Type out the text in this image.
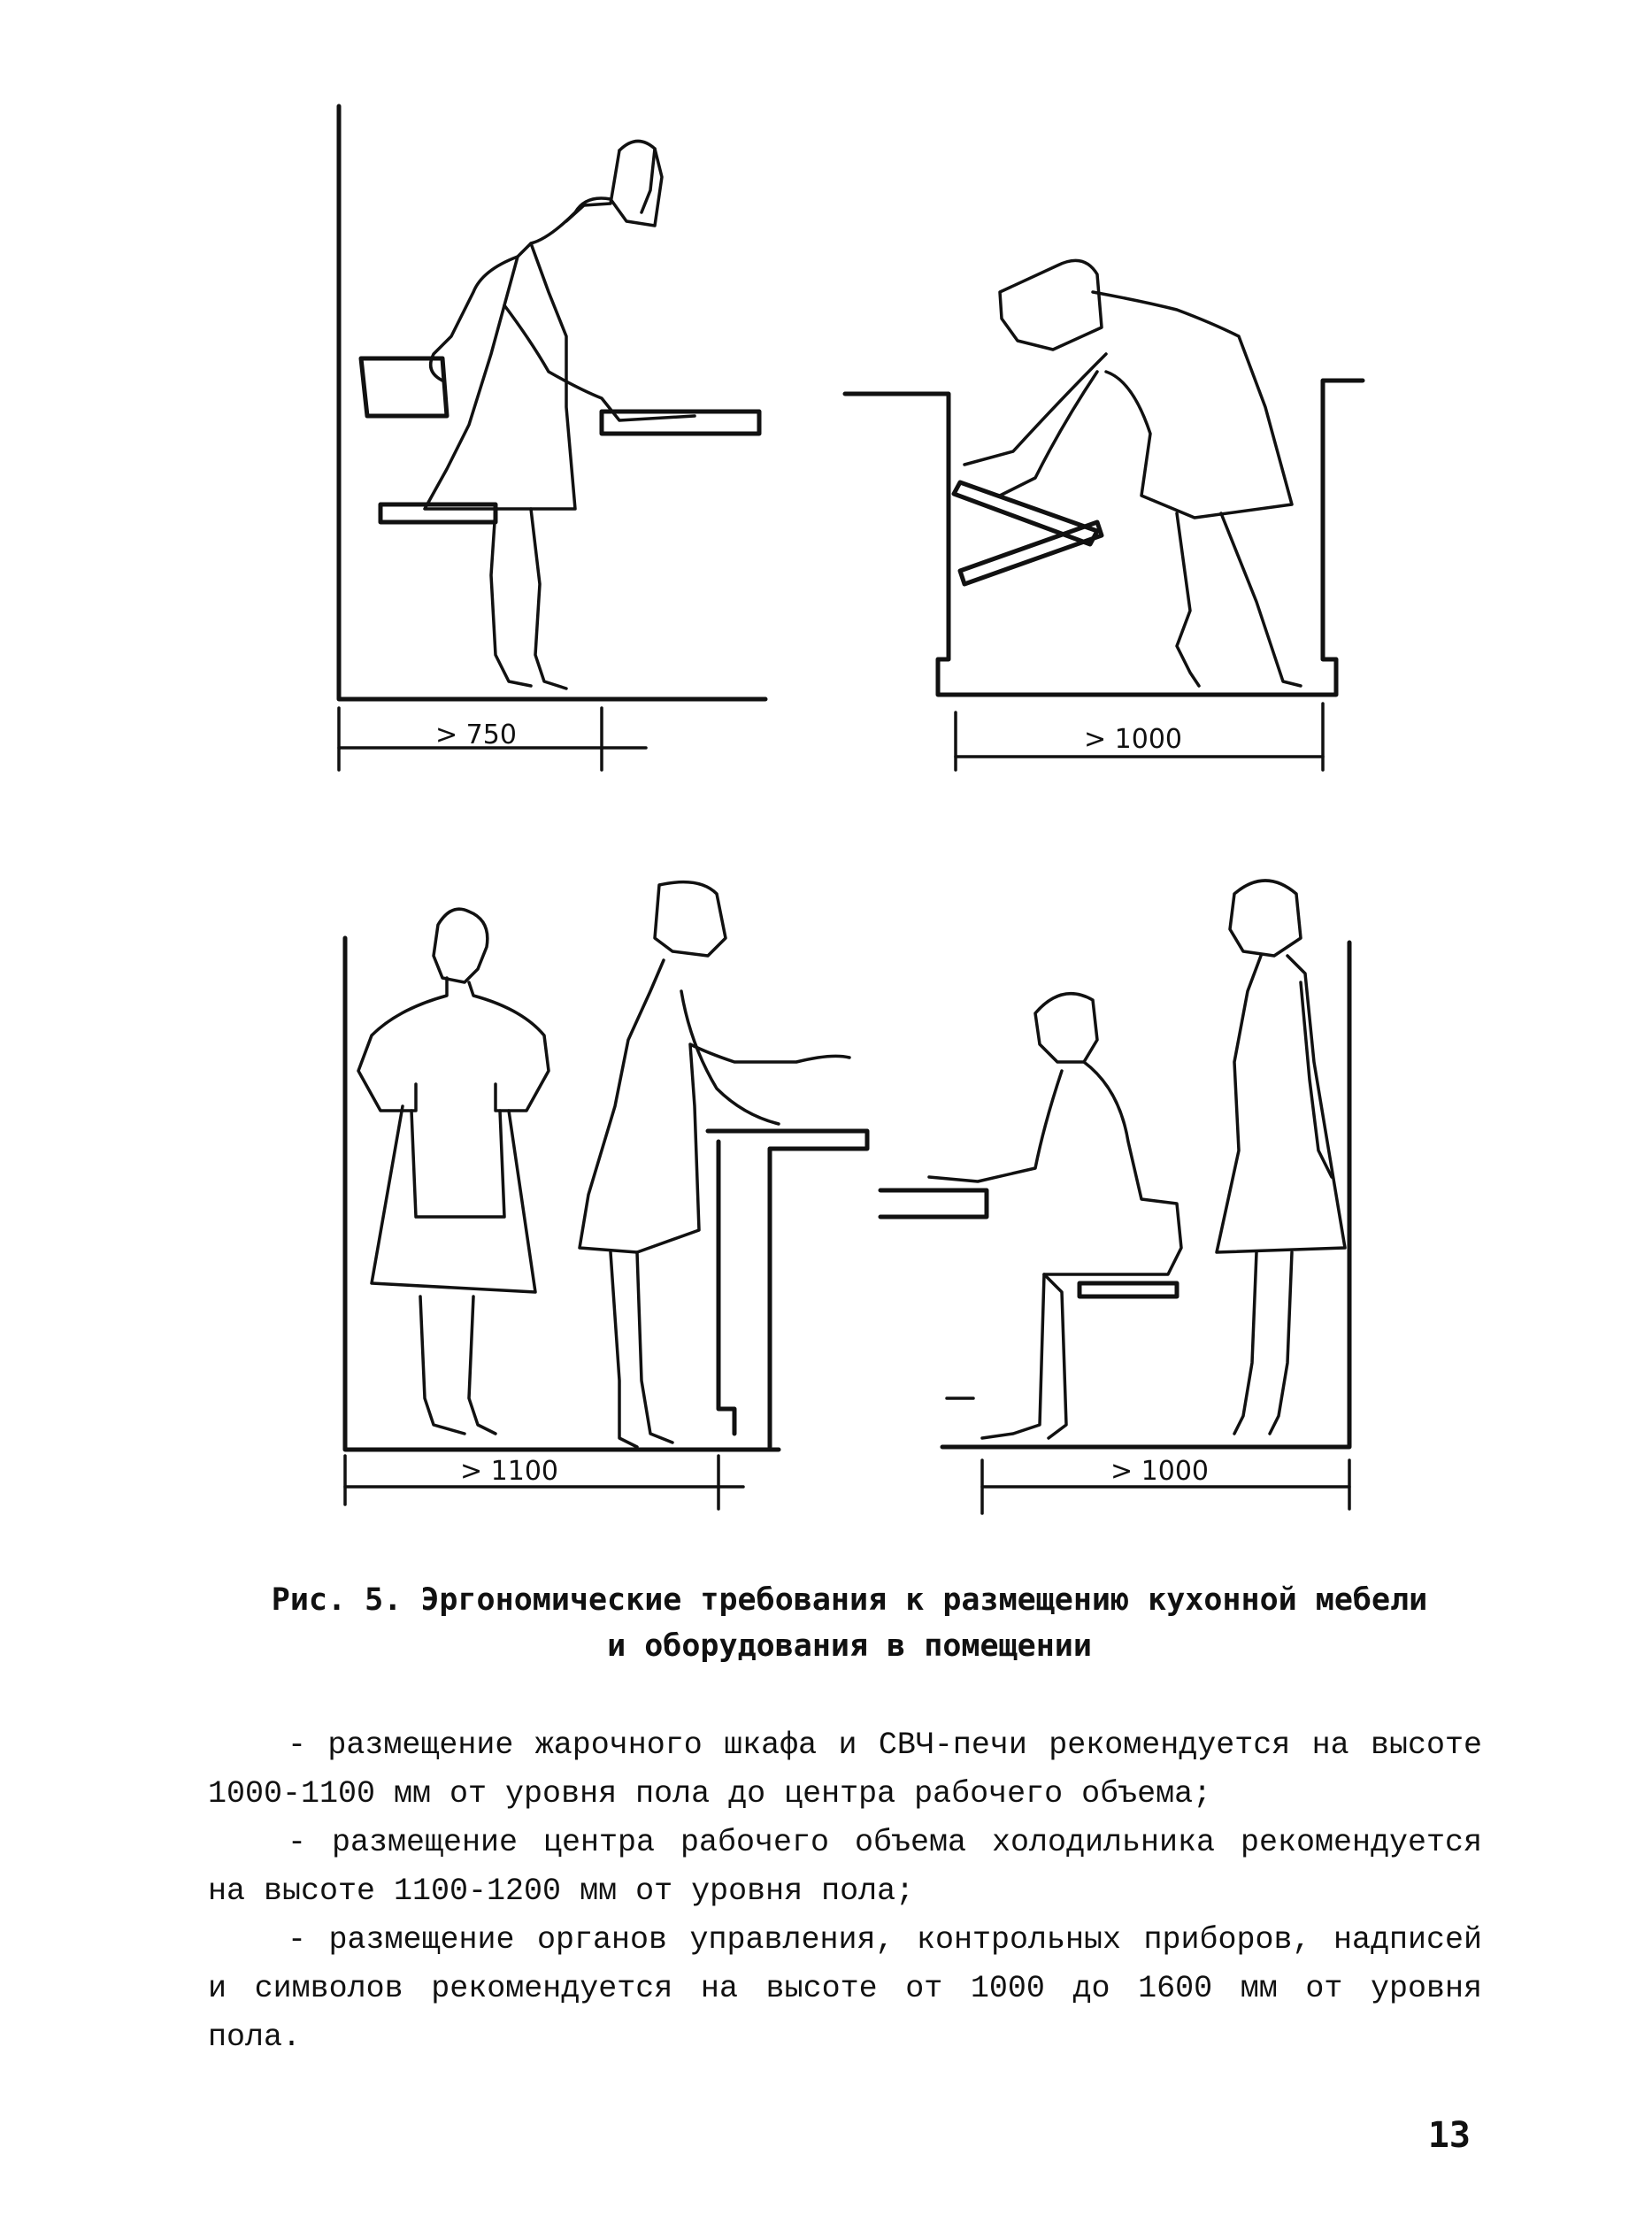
> 750	> 1000
> 1100	> 1000
Рис. 5. Эргономические требования к размещению кухонной мебели
и оборудования в помещении

- размещение жарочного шкафа и СВЧ-печи рекомендуется на высоте 1000-1100 мм от уровня пола до центра рабочего объема;

- размещение центра рабочего объема холодильника рекомендуется на высоте 1100-1200 мм от уровня пола;

- размещение органов управления, контрольных приборов, надписей и символов рекомендуется на высоте от 1000 до 1600 мм от уровня пола.

13
